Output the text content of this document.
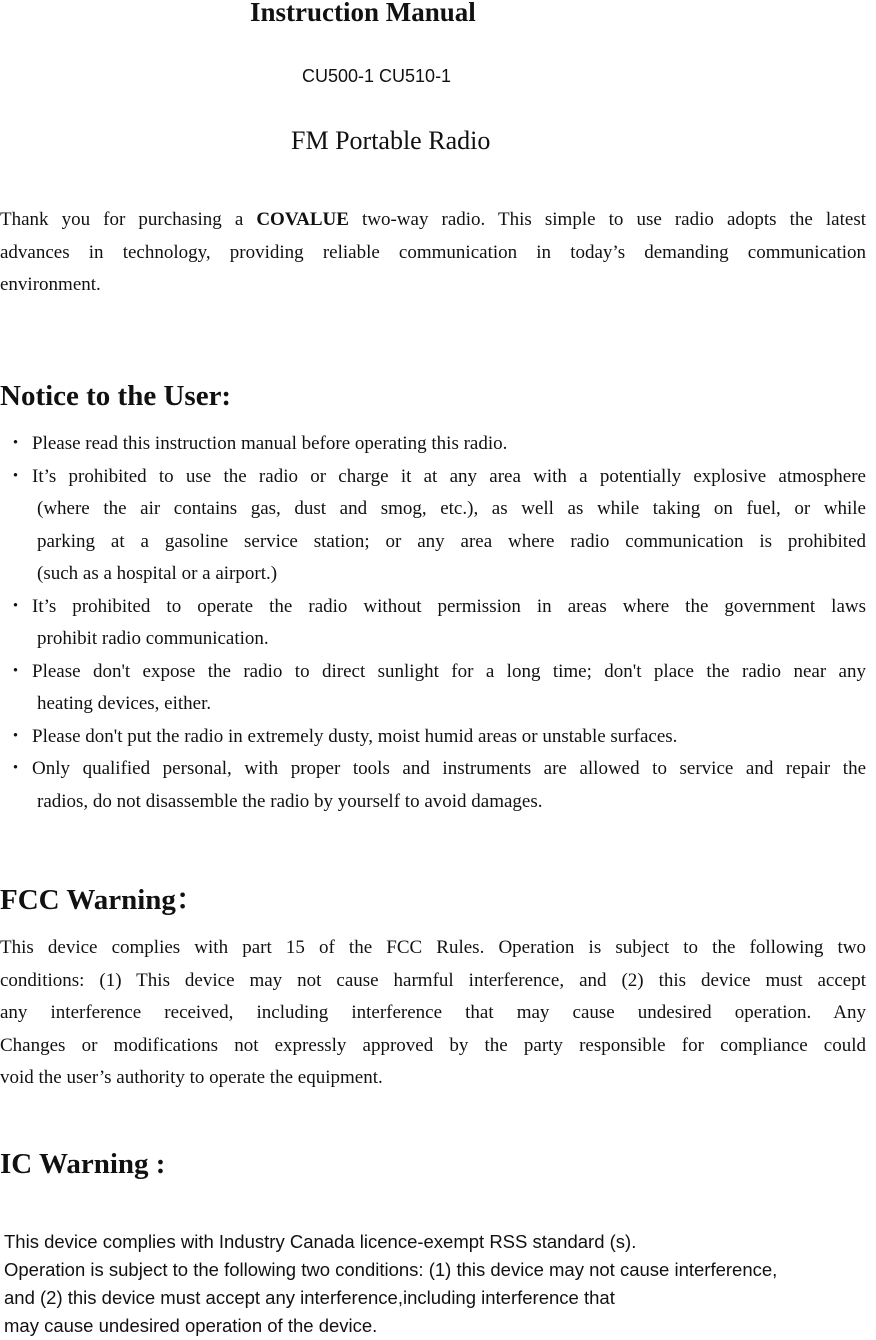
Instruction Manual
CU500-1 CU510-1
FM Portable Radio
Thank you for purchasing a COVALUE two-way radio. This simple to use radio adopts the latest
advances in technology, providing reliable communication in today’s demanding communication
environment.
Notice to the User:
・ Please read this instruction manual before operating this radio.
・ It’s prohibited to use the radio or charge it at any area with a potentially explosive atmosphere
(where the air contains gas, dust and smog, etc.), as well as while taking on fuel, or while
parking at a gasoline service station; or any area where radio communication is prohibited
(such as a hospital or a airport.)
・ It’s prohibited to operate the radio without permission in areas where the government laws
prohibit radio communication.
・ Please don't expose the radio to direct sunlight for a long time; don't place the radio near any
heating devices, either.
・ Please don't put the radio in extremely dusty, moist humid areas or unstable surfaces.
・ Only qualified personal, with proper tools and instruments are allowed to service and repair the
radios, do not disassemble the radio by yourself to avoid damages.
FCC Warning：
This device complies with part 15 of the FCC Rules. Operation is subject to the following two
conditions: (1) This device may not cause harmful interference, and (2) this device must accept
any interference received, including interference that may cause undesired operation. Any
Changes or modifications not expressly approved by the party responsible for compliance could
void the user’s authority to operate the equipment.
IC Warning :
This device complies with Industry Canada licence-exempt RSS standard (s).
Operation is subject to the following two conditions: (1) this device may not cause interference,
and (2) this device must accept any interference,including interference that
may cause undesired operation of the device.
